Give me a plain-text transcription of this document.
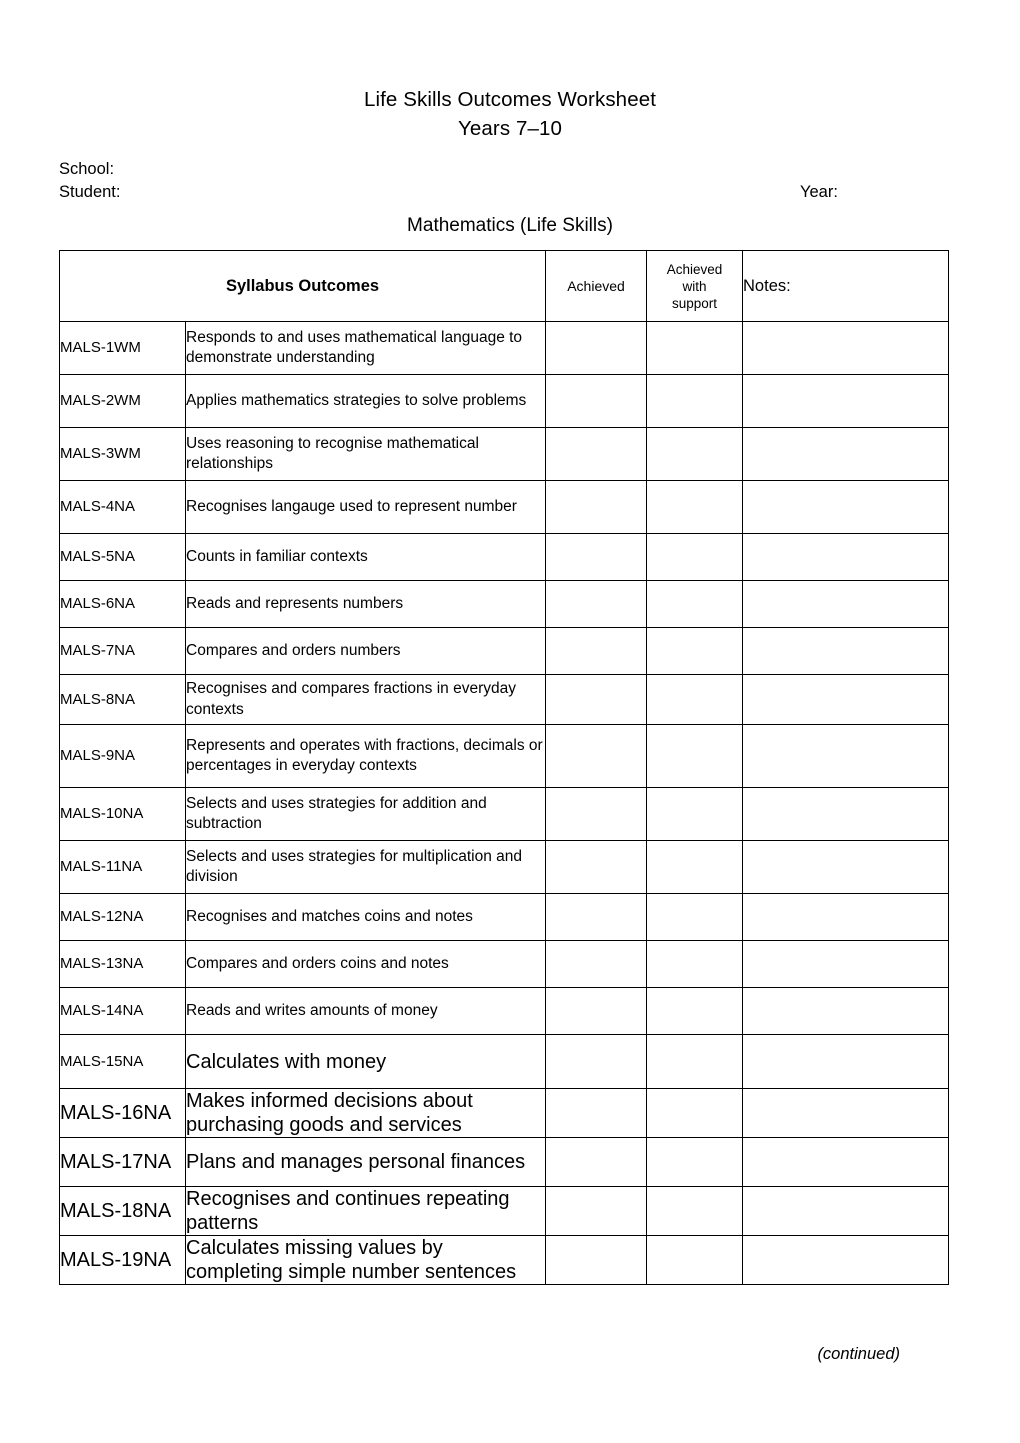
Life Skills Outcomes Worksheet
Years 7–10
School:
Student:	Year:
Mathematics (Life Skills)
Syllabus Outcomes		Achieved	Achieved
with
support	Notes:
MALS-1WM	Responds to and uses mathematical language to demonstrate understanding			
MALS-2WM	Applies mathematics strategies to solve problems			
MALS-3WM	Uses reasoning to recognise mathematical relationships			
MALS-4NA	Recognises langauge used to represent number			
MALS-5NA	Counts in familiar contexts			
MALS-6NA	Reads and represents numbers			
MALS-7NA	Compares and orders numbers			
MALS-8NA	Recognises and compares fractions in everyday contexts			
MALS-9NA	Represents and operates with fractions, decimals or percentages in everyday contexts			
MALS-10NA	Selects and uses strategies for addition and subtraction			
MALS-11NA	Selects and uses strategies for multiplication and division			
MALS-12NA	Recognises and matches coins and notes			
MALS-13NA	Compares and orders coins and notes			
MALS-14NA	Reads and writes amounts of money			
MALS-15NA	Calculates with money			
MALS-16NA	Makes informed decisions about purchasing goods and services			
MALS-17NA	Plans and manages personal finances			
MALS-18NA	Recognises and continues repeating patterns			
MALS-19NA	Calculates missing values by completing simple number sentences			
(continued)
